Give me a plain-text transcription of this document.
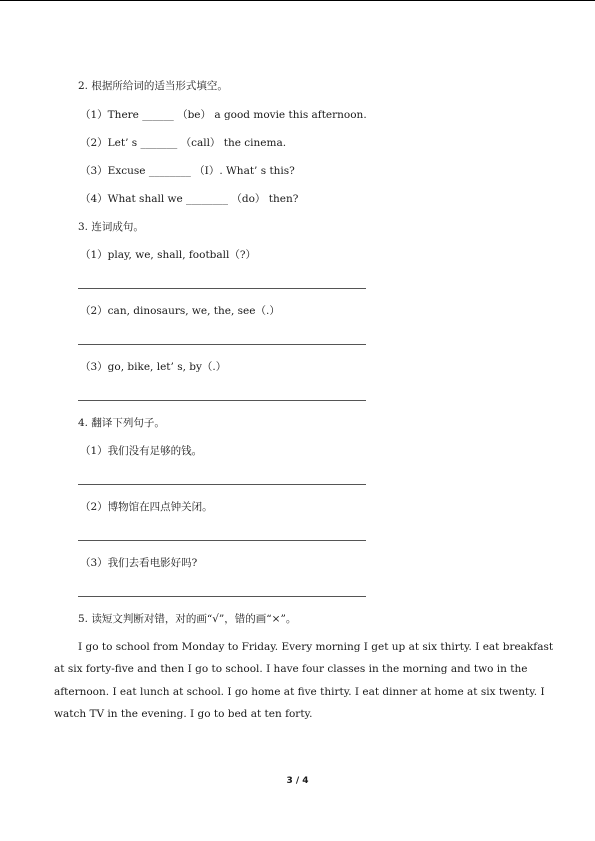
2. 根据所给词的适当形式填空。
（1）There ______ （be） a good movie this afternoon.
（2）Let’ s _______ （call） the cinema.
（3）Excuse ________ （I）. What’ s this?
（4）What shall we ________ （do） then?
3. 连词成句。
（1）play, we, shall, football（?）
（2）can, dinosaurs, we, the, see（.）
（3）go, bike, let’ s, by（.）
4. 翻译下列句子。
（1）我们没有足够的钱。
（2）博物馆在四点钟关闭。
（3）我们去看电影好吗?
5. 读短文判断对错，对的画“√”，错的画“×”。
I go to school from Monday to Friday. Every morning I get up at six thirty. I eat breakfast at six forty-five and then I go to school. I have four classes in the morning and two in the afternoon. I eat lunch at school. I go home at five thirty. I eat dinner at home at six twenty. I watch TV in the evening. I go to bed at ten forty.
3 / 4
